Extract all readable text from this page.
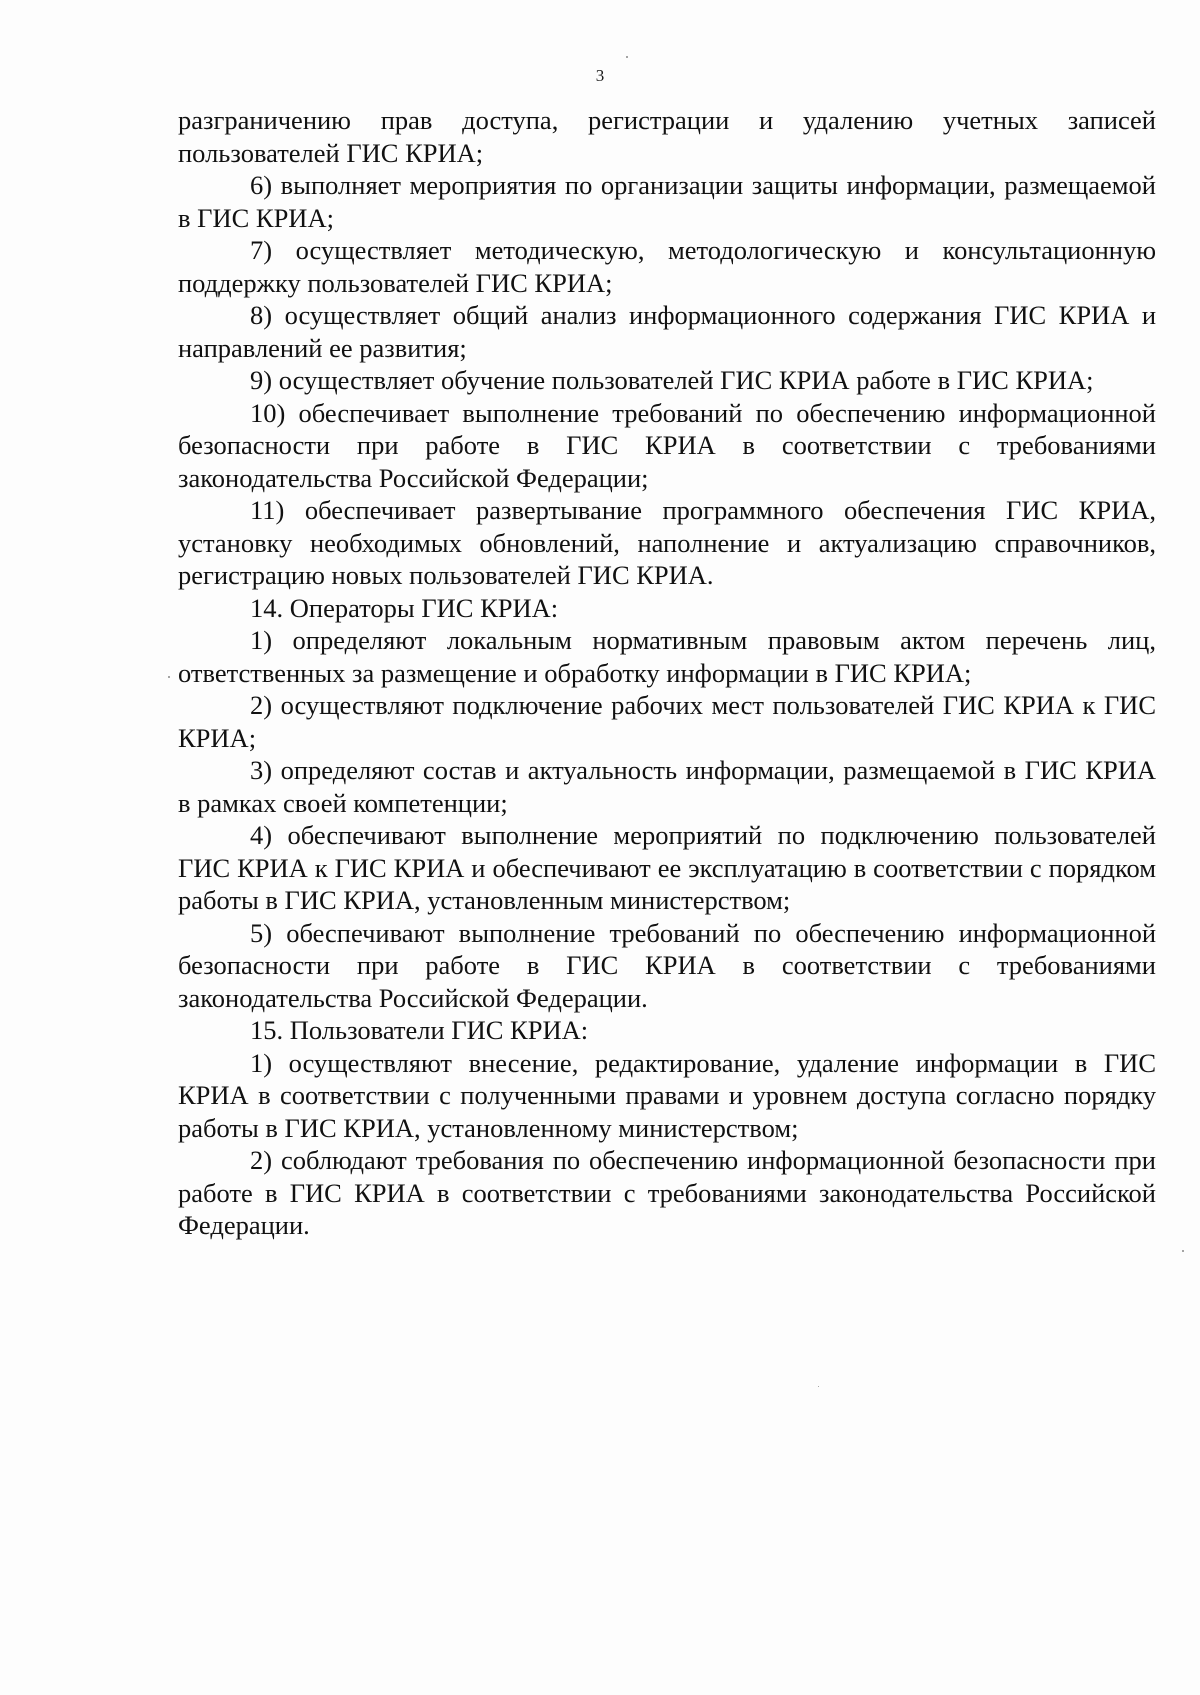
3

разграничению прав доступа, регистрации и удалению учетных записей пользователей ГИС КРИА;

6) выполняет мероприятия по организации защиты информации, размещаемой в ГИС КРИА;

7) осуществляет методическую, методологическую и консультационную поддержку пользователей ГИС КРИА;

8) осуществляет общий анализ информационного содержания ГИС КРИА и направлений ее развития;

9) осуществляет обучение пользователей ГИС КРИА работе в ГИС КРИА;

10) обеспечивает выполнение требований по обеспечению информационной безопасности при работе в ГИС КРИА в соответствии с требованиями законодательства Российской Федерации;

11) обеспечивает развертывание программного обеспечения ГИС КРИА, установку необходимых обновлений, наполнение и актуализацию справочников, регистрацию новых пользователей ГИС КРИА.

14. Операторы ГИС КРИА:

1) определяют локальным нормативным правовым актом перечень лиц, ответственных за размещение и обработку информации в ГИС КРИА;

2) осуществляют подключение рабочих мест пользователей ГИС КРИА к ГИС КРИА;

3) определяют состав и актуальность информации, размещаемой в ГИС КРИА в рамках своей компетенции;

4) обеспечивают выполнение мероприятий по подключению пользователей ГИС КРИА к ГИС КРИА и обеспечивают ее эксплуатацию в соответствии с порядком работы в ГИС КРИА, установленным министерством;

5) обеспечивают выполнение требований по обеспечению информационной безопасности при работе в ГИС КРИА в соответствии с требованиями законодательства Российской Федерации.

15. Пользователи ГИС КРИА:

1) осуществляют внесение, редактирование, удаление информации в ГИС КРИА в соответствии с полученными правами и уровнем доступа согласно порядку работы в ГИС КРИА, установленному министерством;

2) соблюдают требования по обеспечению информационной безопасности при работе в ГИС КРИА в соответствии с требованиями законодательства Российской Федерации.
